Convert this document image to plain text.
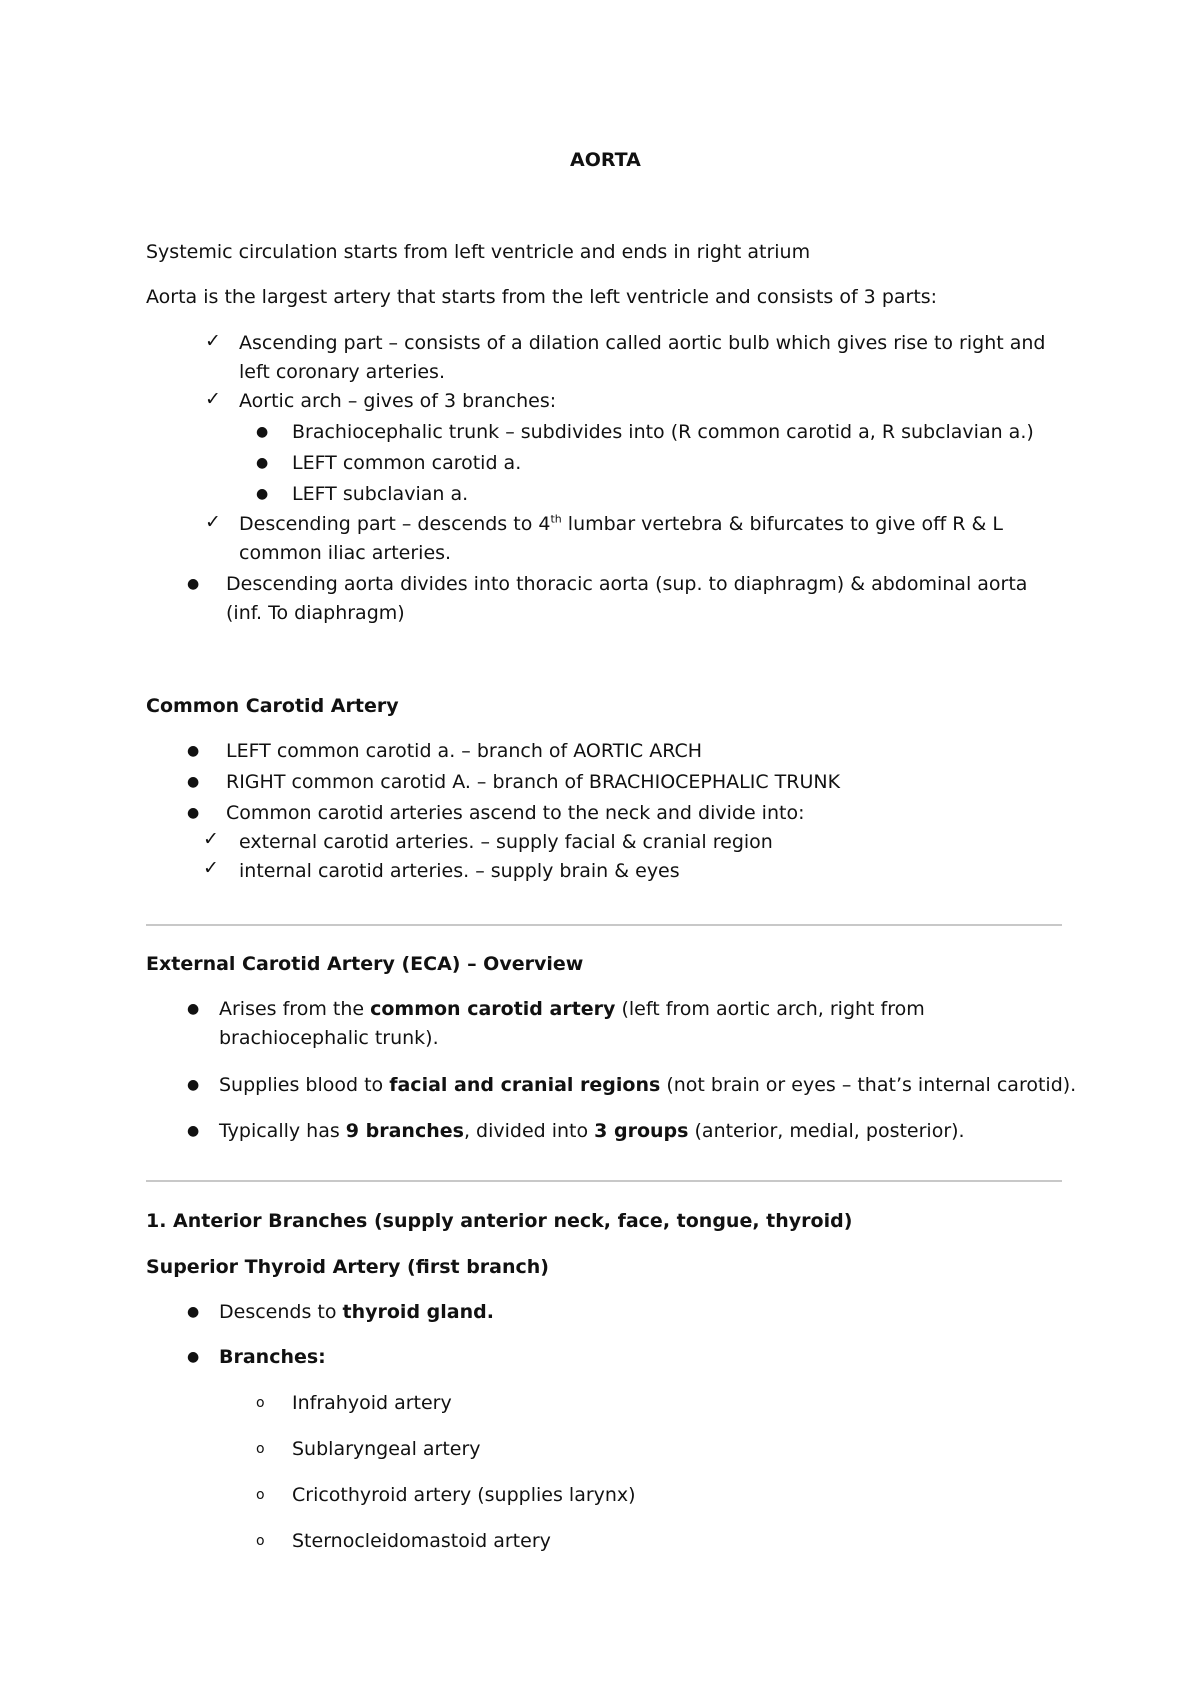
AORTA
Systemic circulation starts from left ventricle and ends in right atrium
Aorta is the largest artery that starts from the left ventricle and consists of 3 parts:
✓ Ascending part – consists of a dilation called aortic bulb which gives rise to right and
left coronary arteries.
✓ Aortic arch – gives of 3 branches:
● Brachiocephalic trunk – subdivides into (R common carotid a, R subclavian a.)
● LEFT common carotid a.
● LEFT subclavian a.
✓ Descending part – descends to 4th lumbar vertebra & bifurcates to give off R & L
common iliac arteries.
● Descending aorta divides into thoracic aorta (sup. to diaphragm) & abdominal aorta
(inf. To diaphragm)
Common Carotid Artery
● LEFT common carotid a. – branch of AORTIC ARCH
● RIGHT common carotid A. – branch of BRACHIOCEPHALIC TRUNK
● Common carotid arteries ascend to the neck and divide into:
✓ external carotid arteries. – supply facial & cranial region
✓ internal carotid arteries. – supply brain & eyes
External Carotid Artery (ECA) – Overview
● Arises from the common carotid artery (left from aortic arch, right from
brachiocephalic trunk).
● Supplies blood to facial and cranial regions (not brain or eyes – that’s internal carotid).
● Typically has 9 branches, divided into 3 groups (anterior, medial, posterior).
1. Anterior Branches (supply anterior neck, face, tongue, thyroid)
Superior Thyroid Artery (first branch)
● Descends to thyroid gland.
● Branches:
o Infrahyoid artery
o Sublaryngeal artery
o Cricothyroid artery (supplies larynx)
o Sternocleidomastoid artery
